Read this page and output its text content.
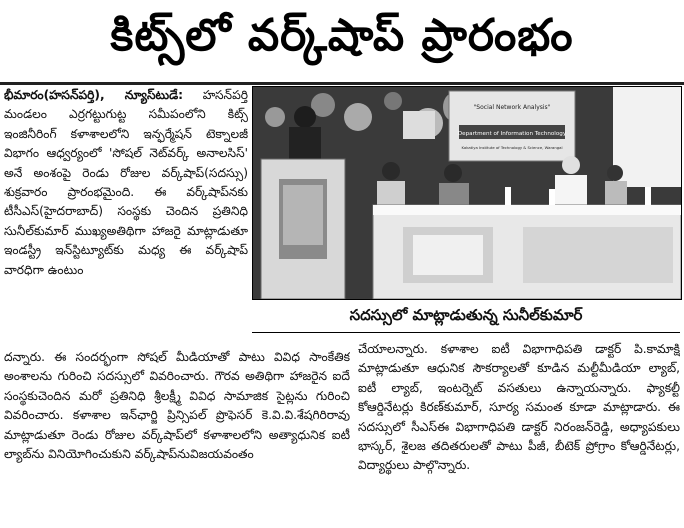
కిట్స్‌లో వర్క్‌షాప్ ప్రారంభం

భీమారం(హసన్‌పర్తి), న్యూస్‌టుడే: హసన్‌పర్తి మండలం ఎర్రగట్టుగుట్ట సమీపంలోని కిట్స్ ఇంజినీరింగ్ కళాశాలలోని ఇన్ఫర్మేషన్ టెక్నాలజీ విభాగం ఆధ్వర్యంలో 'సోషల్ నెట్‌వర్క్ అనాలసిస్' అనే అంశంపై రెండు రోజుల వర్క్‌షాప్(సదస్సు) శుక్రవారం ప్రారంభమైంది. ఈ వర్క్‌షాప్‌నకు టీసీఎస్(హైదరాబాద్) సంస్థకు చెందిన ప్రతినిధి సునీల్‌కుమార్ ముఖ్యఅతిథిగా హాజరై మాట్లాడుతూ ఇండస్ట్రీ ఇన్‌స్టిట్యూట్‌కు మధ్య ఈ వర్క్‌షాప్ వారధిగా ఉంటుం

"Social Network Analysis"
Department of Information Technology
Kakatiya Institute of Technology & Science, Warangal
సదస్సులో మాట్లాడుతున్న సునీల్‌కుమార్

దన్నారు. ఈ సందర్భంగా సోషల్ మీడియాతో పాటు వివిధ సాంకేతిక అంశాలను గురించి సదస్సులో వివరించారు. గౌరవ అతిథిగా హాజరైన ఐదే సంస్థకుచెందిన మరో ప్రతినిధి శ్రీలక్ష్మీ వివిధ సామాజిక సైట్లను గురించి వివరించారు. కళాశాల ఇన్‌ఛార్జి ప్రిన్సిపల్ ప్రొఫెసర్ కె.వి.వి.శేషగిరిరావు మాట్లాడుతూ రెండు రోజుల వర్క్‌షాప్‌లో కళాశాలలోని అత్యాధునిక ఐటీ ల్యాబ్‌ను వినియోగించుకుని వర్క్‌షాప్‌నువిజయవంతం

చేయాలన్నారు. కళాశాల ఐటీ విభాగాధిపతి డాక్టర్ పి.కామాక్షి మాట్లాడుతూ ఆధునిక సౌకర్యాలతో కూడిన మల్టీమీడియా ల్యాబ్, ఐటీ ల్యాబ్, ఇంటర్నెట్ వసతులు ఉన్నాయన్నారు. ఫ్యాకల్టీ కోఆర్డినేటర్లు కిరణ్‌కుమార్, సూర్య సమంత కూడా మాట్లాడారు. ఈ సదస్సులో సీఎస్ఈ విభాగాధిపతి డాక్టర్ నిరంజన్‌రెడ్డి, అధ్యాపకులు భాస్కర్, శైలజ తదితరులతో పాటు పీజీ, బీటెక్ ప్రోగ్రాం కోఆర్డినేటర్లు, విద్యార్థులు పాల్గొన్నారు.
